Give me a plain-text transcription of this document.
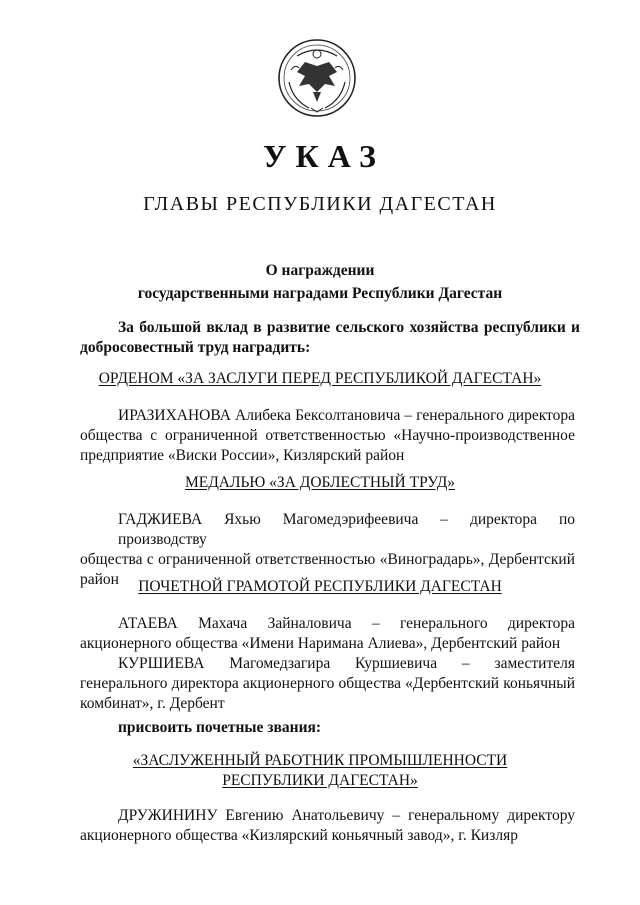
УКАЗ
ГЛАВЫ РЕСПУБЛИКИ ДАГЕСТАН
О награждении
государственными наградами Республики Дагестан
За большой вклад в развитие сельского хозяйства республики и
добросовестный труд наградить:
ОРДЕНОМ «ЗА ЗАСЛУГИ ПЕРЕД РЕСПУБЛИКОЙ ДАГЕСТАН»
ИРАЗИХАНОВА Алибека Бексолтановича – генерального директора
общества с ограниченной ответственностью «Научно-производственное
предприятие «Виски России», Кизлярский район
МЕДАЛЬЮ «ЗА ДОБЛЕСТНЫЙ ТРУД»
ГАДЖИЕВА Яхью Магомедэрифеевича – директора по производству
общества с ограниченной ответственностью «Виноградарь», Дербентский
район	ПОЧЕТНОЙ ГРАМОТОЙ РЕСПУБЛИКИ ДАГЕСТАН
АТАЕВА Махача Зайналовича – генерального директора
акционерного общества «Имени Наримана Алиева», Дербентский район
КУРШИЕВА Магомедзагира Куршиевича – заместителя
генерального директора акционерного общества «Дербентский коньячный
комбинат», г. Дербент
присвоить почетные звания:
«ЗАСЛУЖЕННЫЙ РАБОТНИК ПРОМЫШЛЕННОСТИ
РЕСПУБЛИКИ ДАГЕСТАН»
ДРУЖИНИНУ Евгению Анатольевичу – генеральному директору
акционерного общества «Кизлярский коньячный завод», г. Кизляр
